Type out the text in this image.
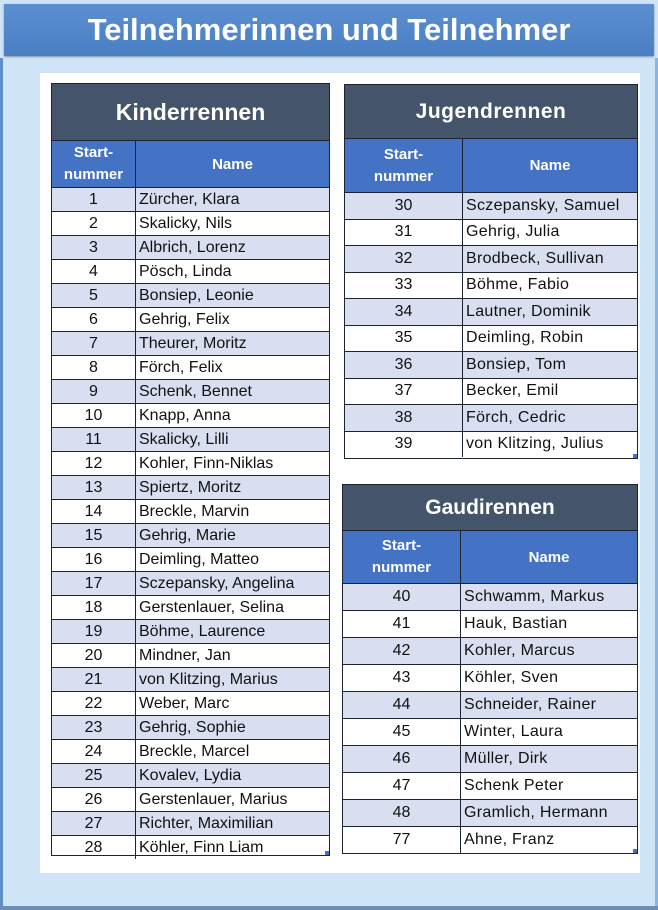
Teilnehmerinnen und Teilnehmer
Kinderrennen
Start-
nummer
Name
1	Zürcher, Klara
2	Skalicky, Nils
3	Albrich, Lorenz
4	Pösch, Linda
5	Bonsiep, Leonie
6	Gehrig, Felix
7	Theurer, Moritz
8	Förch, Felix
9	Schenk, Bennet
10	Knapp, Anna
11	Skalicky, Lilli
12	Kohler, Finn-Niklas
13	Spiertz, Moritz
14	Breckle, Marvin
15	Gehrig, Marie
16	Deimling, Matteo
17	Sczepansky, Angelina
18	Gerstenlauer, Selina
19	Böhme, Laurence
20	Mindner, Jan
21	von Klitzing, Marius
22	Weber, Marc
23	Gehrig, Sophie
24	Breckle, Marcel
25	Kovalev, Lydia
26	Gerstenlauer, Marius
27	Richter, Maximilian
28	Köhler, Finn Liam
Jugendrennen
Start-
nummer
Name
30	Sczepansky, Samuel
31	Gehrig, Julia
32	Brodbeck, Sullivan
33	Böhme, Fabio
34	Lautner, Dominik
35	Deimling, Robin
36	Bonsiep, Tom
37	Becker, Emil
38	Förch, Cedric
39	von Klitzing, Julius
Gaudirennen
Start-
nummer
Name
40	Schwamm, Markus
41	Hauk, Bastian
42	Kohler, Marcus
43	Köhler, Sven
44	Schneider, Rainer
45	Winter, Laura
46	Müller, Dirk
47	Schenk Peter
48	Gramlich, Hermann
77	Ahne, Franz
